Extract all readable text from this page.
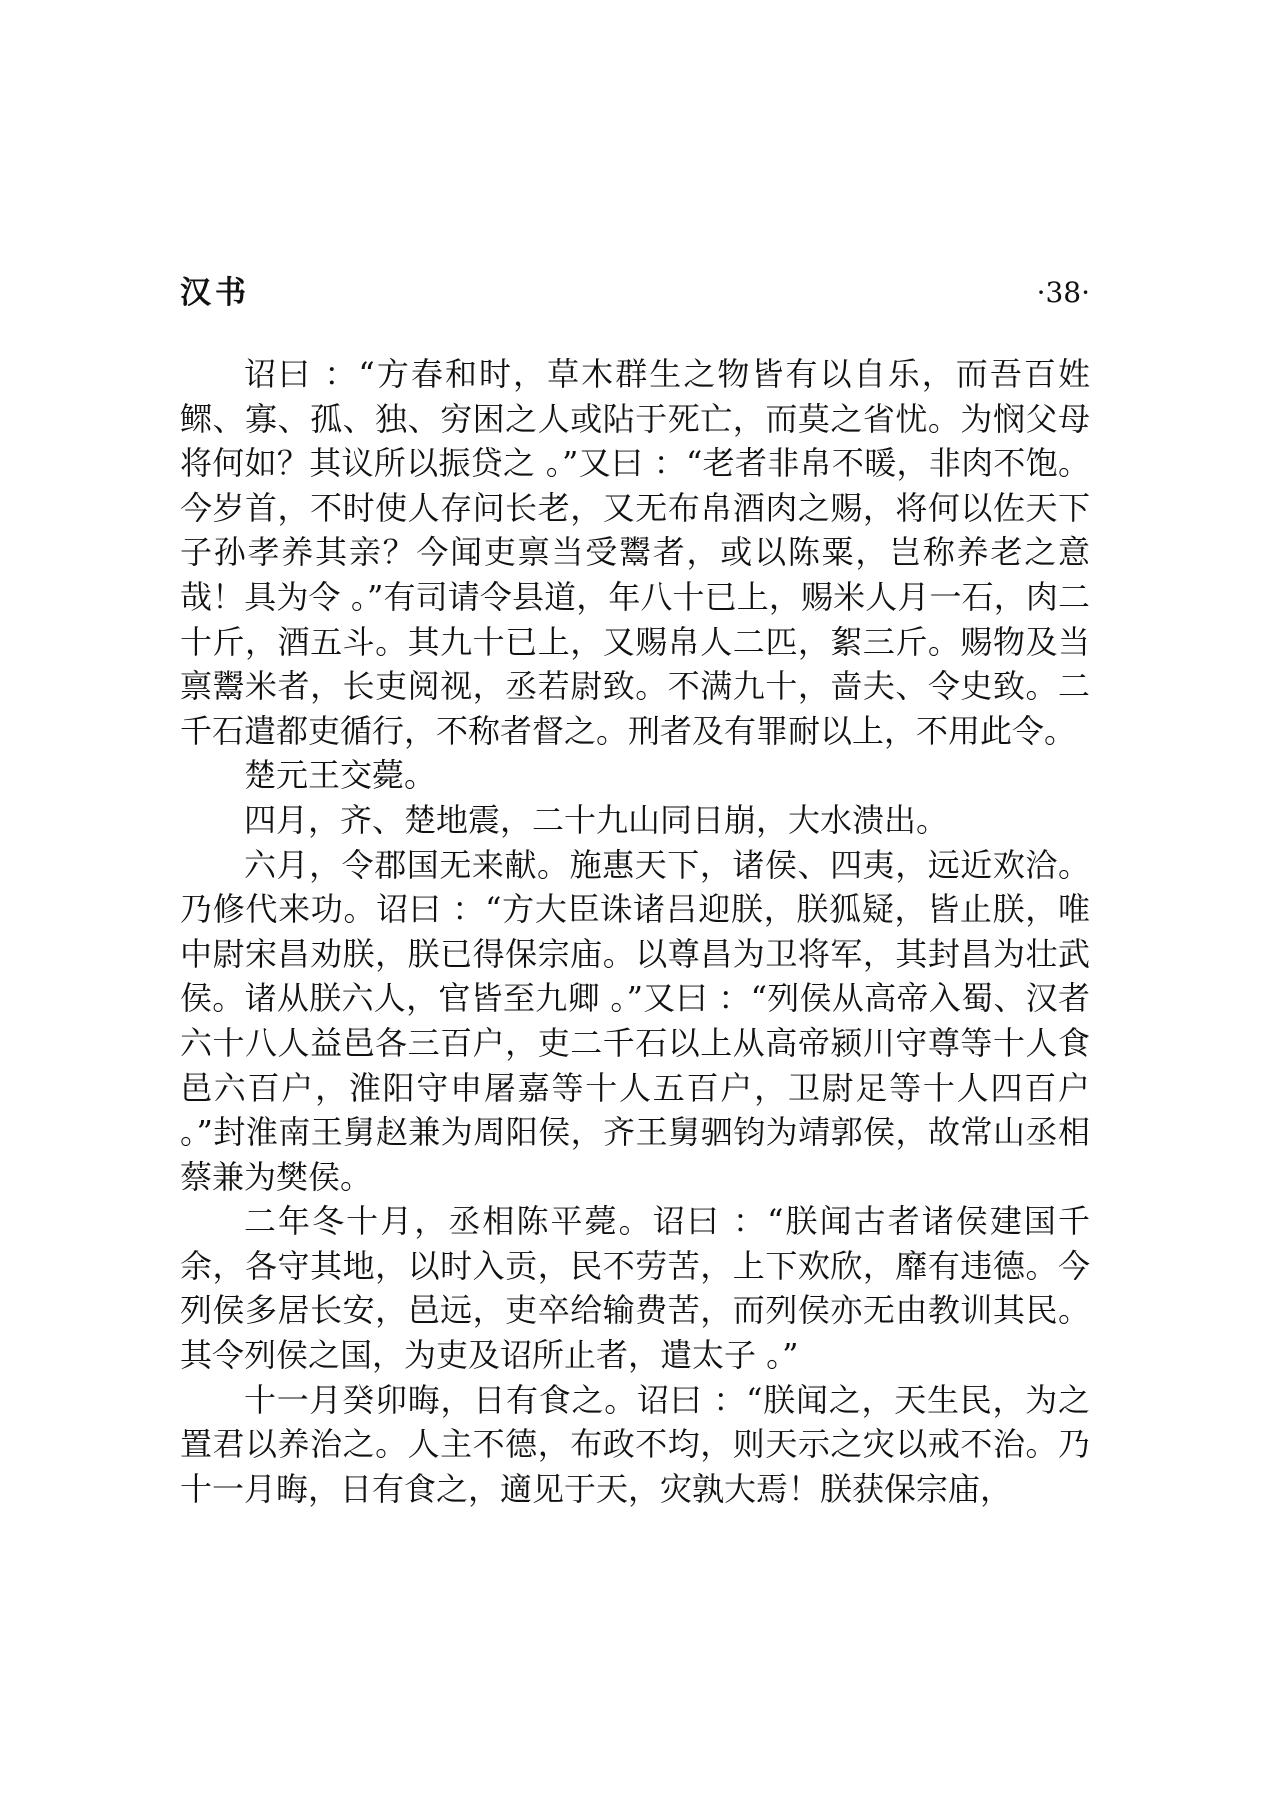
汉书	·38·

诏曰 ：“方春和时，草木群生之物皆有以自乐，而吾百姓鳏、寡、孤、独、穷困之人或阽于死亡，而莫之省忧。为悯父母将何如？其议所以振贷之 。”又曰 ：“老者非帛不暖，非肉不饱。今岁首，不时使人存问长老，又无布帛酒肉之赐，将何以佐天下子孙孝养其亲？今闻吏禀当受鬻者，或以陈粟，岂称养老之意哉！具为令 。”有司请令县道，年八十已上，赐米人月一石，肉二十斤，酒五斗。其九十已上，又赐帛人二匹，絮三斤。赐物及当禀鬻米者，长吏阅视，丞若尉致。不满九十，啬夫、令史致。二千石遣都吏循行，不称者督之。刑者及有罪耐以上，不用此令。

楚元王交薨。

四月，齐、楚地震，二十九山同日崩，大水溃出。

六月，令郡国无来献。施惠天下，诸侯、四夷，远近欢洽。乃修代来功。诏曰 ：“方大臣诛诸吕迎朕，朕狐疑，皆止朕，唯中尉宋昌劝朕，朕已得保宗庙。以尊昌为卫将军，其封昌为壮武侯。诸从朕六人，官皆至九卿 。”又曰 ：“列侯从高帝入蜀、汉者六十八人益邑各三百户，吏二千石以上从高帝颍川守尊等十人食邑六百户，淮阳守申屠嘉等十人五百户，卫尉足等十人四百户 。”封淮南王舅赵兼为周阳侯，齐王舅驷钧为靖郭侯，故常山丞相蔡兼为樊侯。

二年冬十月，丞相陈平薨。诏曰 ：“朕闻古者诸侯建国千余，各守其地，以时入贡，民不劳苦，上下欢欣，靡有违德。今列侯多居长安，邑远，吏卒给输费苦，而列侯亦无由教训其民。其令列侯之国，为吏及诏所止者，遣太子 。”

十一月癸卯晦，日有食之。诏曰 ：“朕闻之，天生民，为之置君以养治之。人主不德，布政不均，则天示之灾以戒不治。乃十一月晦，日有食之，適见于天，灾孰大焉！朕获保宗庙，
